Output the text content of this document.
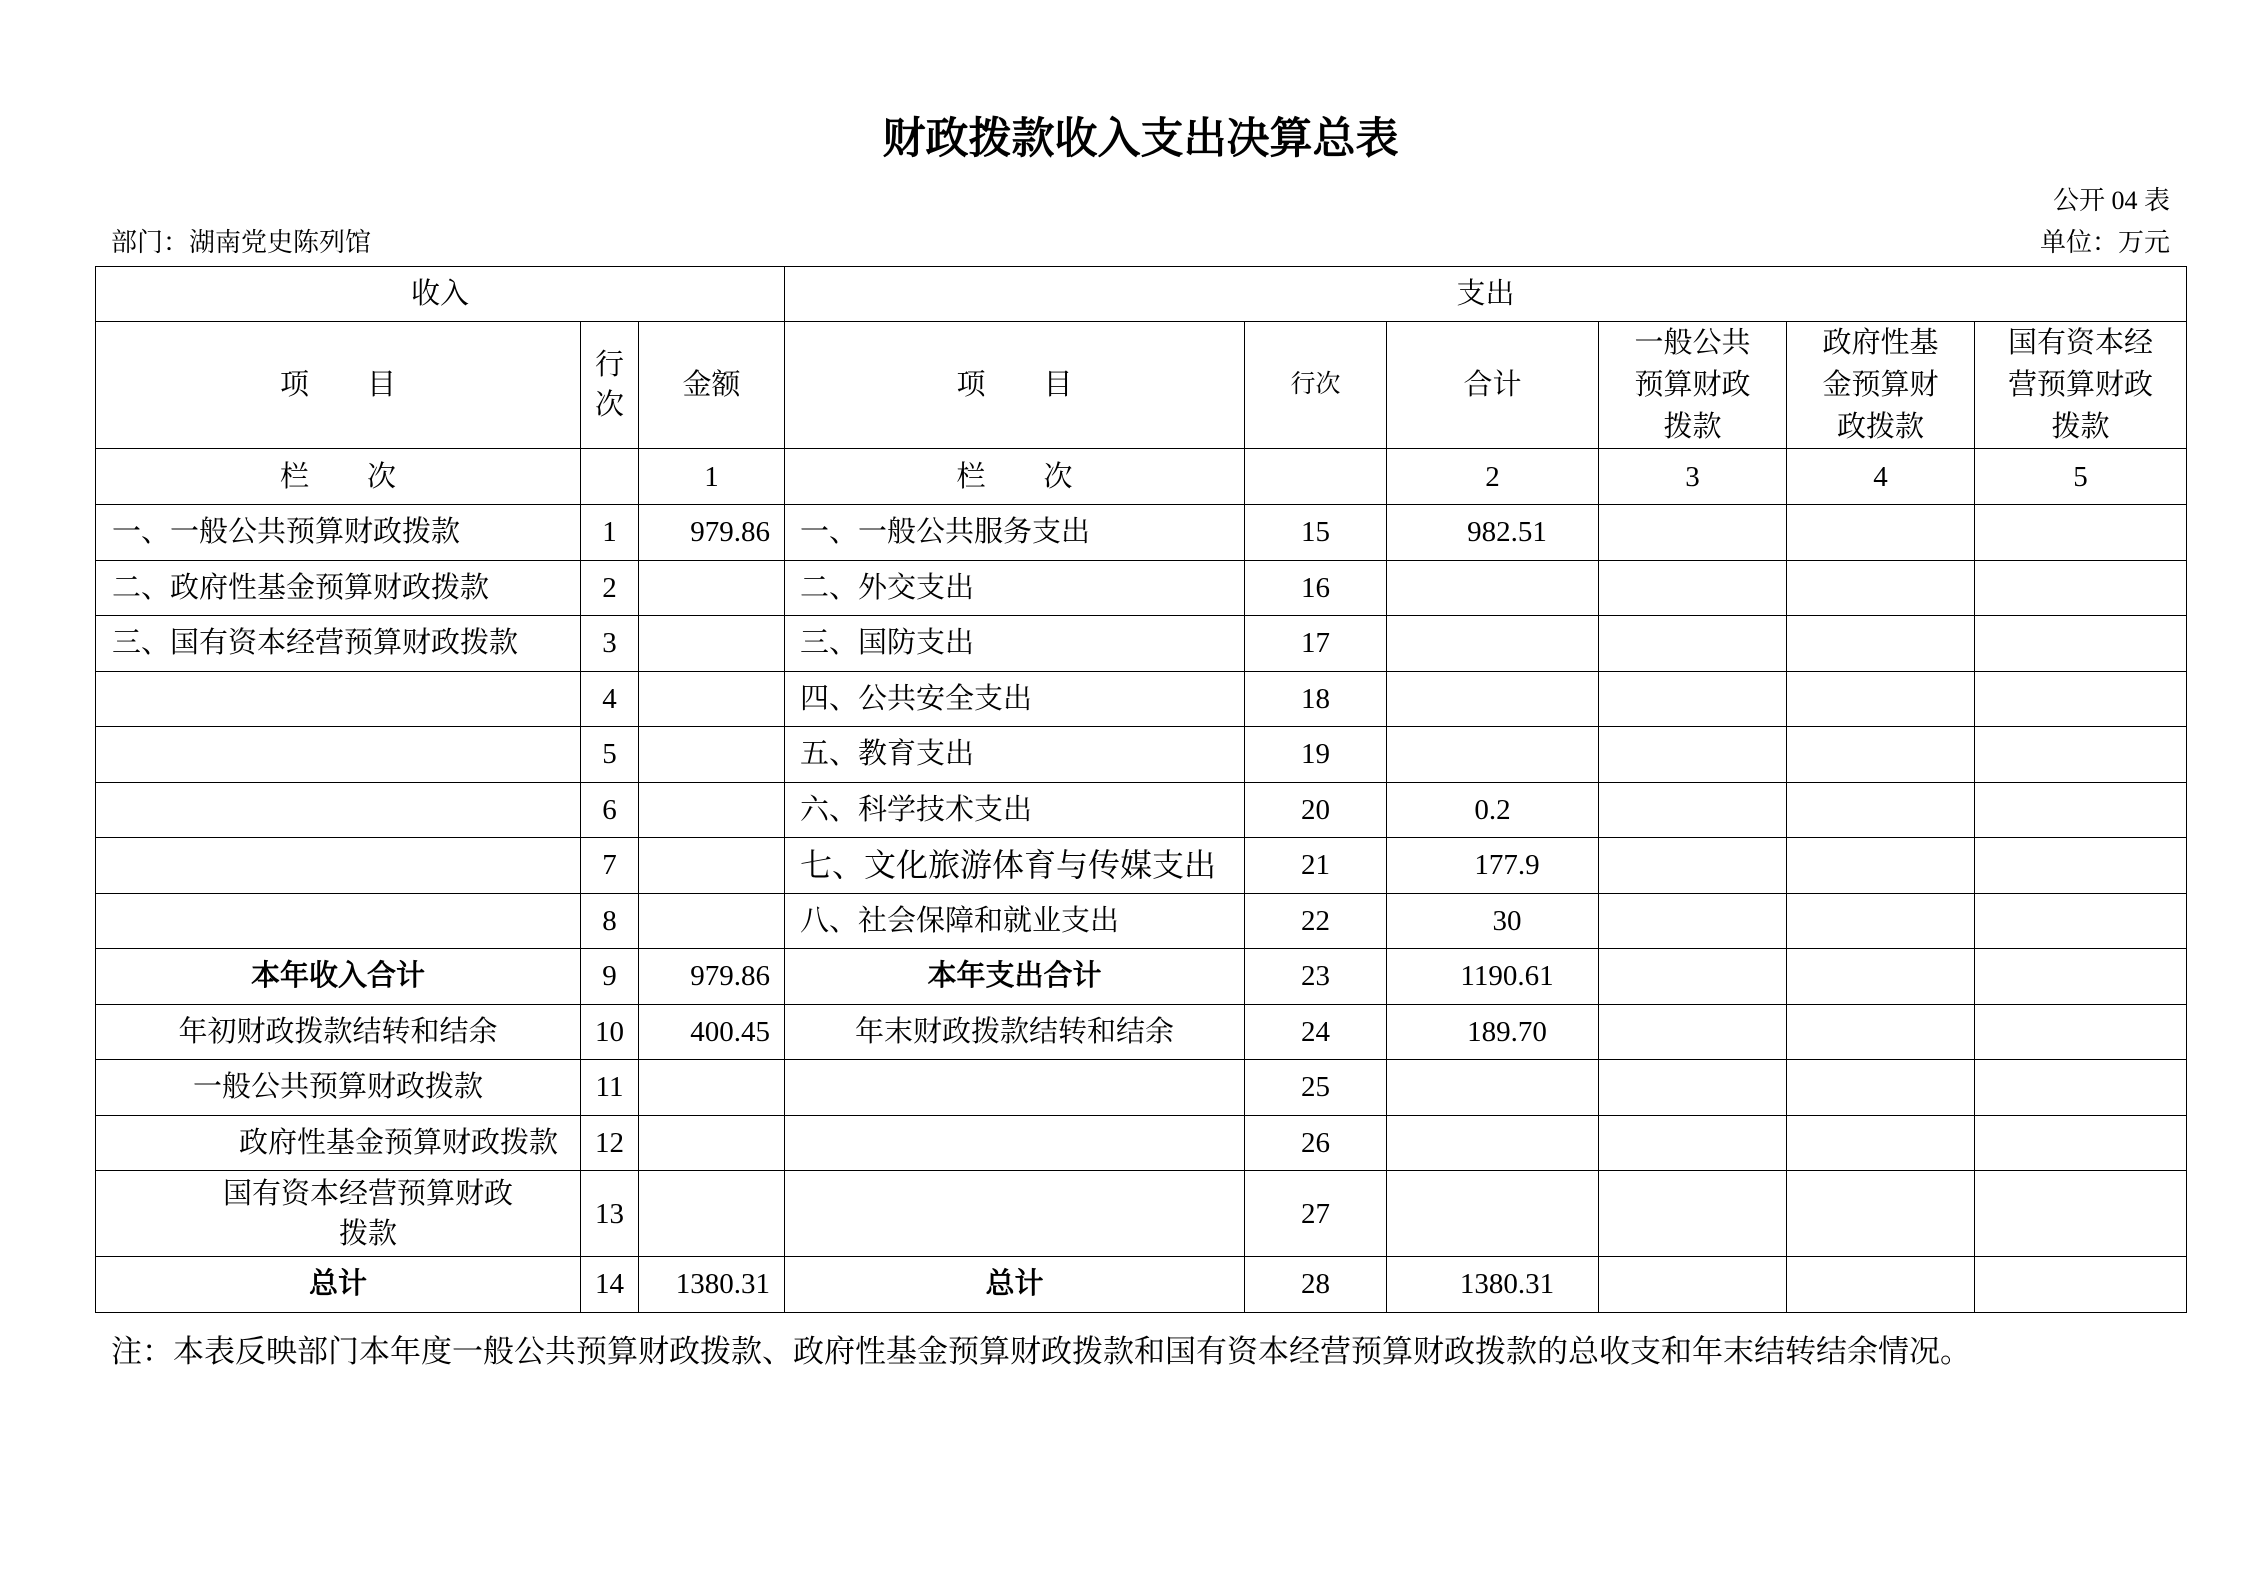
财政拨款收入支出决算总表
公开 04 表
部门：湖南党史陈列馆	单位：万元
收入			支出					
项　　目	行次	金额	项　　目	行次	合计	一般公共预算财政拨款	政府性基金预算财政拨款	国有资本经营预算财政拨款
栏　　次		1	栏　　次		2	3	4	5
一、一般公共预算财政拨款	1	979.86	一、一般公共服务支出	15	982.51			
二、政府性基金预算财政拨款	2		二、外交支出	16				
三、国有资本经营预算财政拨款	3		三、国防支出	17				
	4		四、公共安全支出	18				
	5		五、教育支出	19				
	6		六、科学技术支出	20	0.2			
	7		七、文化旅游体育与传媒支出	21	177.9			
	8		八、社会保障和就业支出	22	30			
本年收入合计	9	979.86	本年支出合计	23	1190.61			
年初财政拨款结转和结余	10	400.45	年末财政拨款结转和结余	24	189.70			
一般公共预算财政拨款	11			25				
政府性基金预算财政拨款	12			26				
国有资本经营预算财政拨款	13			27				
总计	14	1380.31	总计	28	1380.31			
注：本表反映部门本年度一般公共预算财政拨款、政府性基金预算财政拨款和国有资本经营预算财政拨款的总收支和年末结转结余情况。
